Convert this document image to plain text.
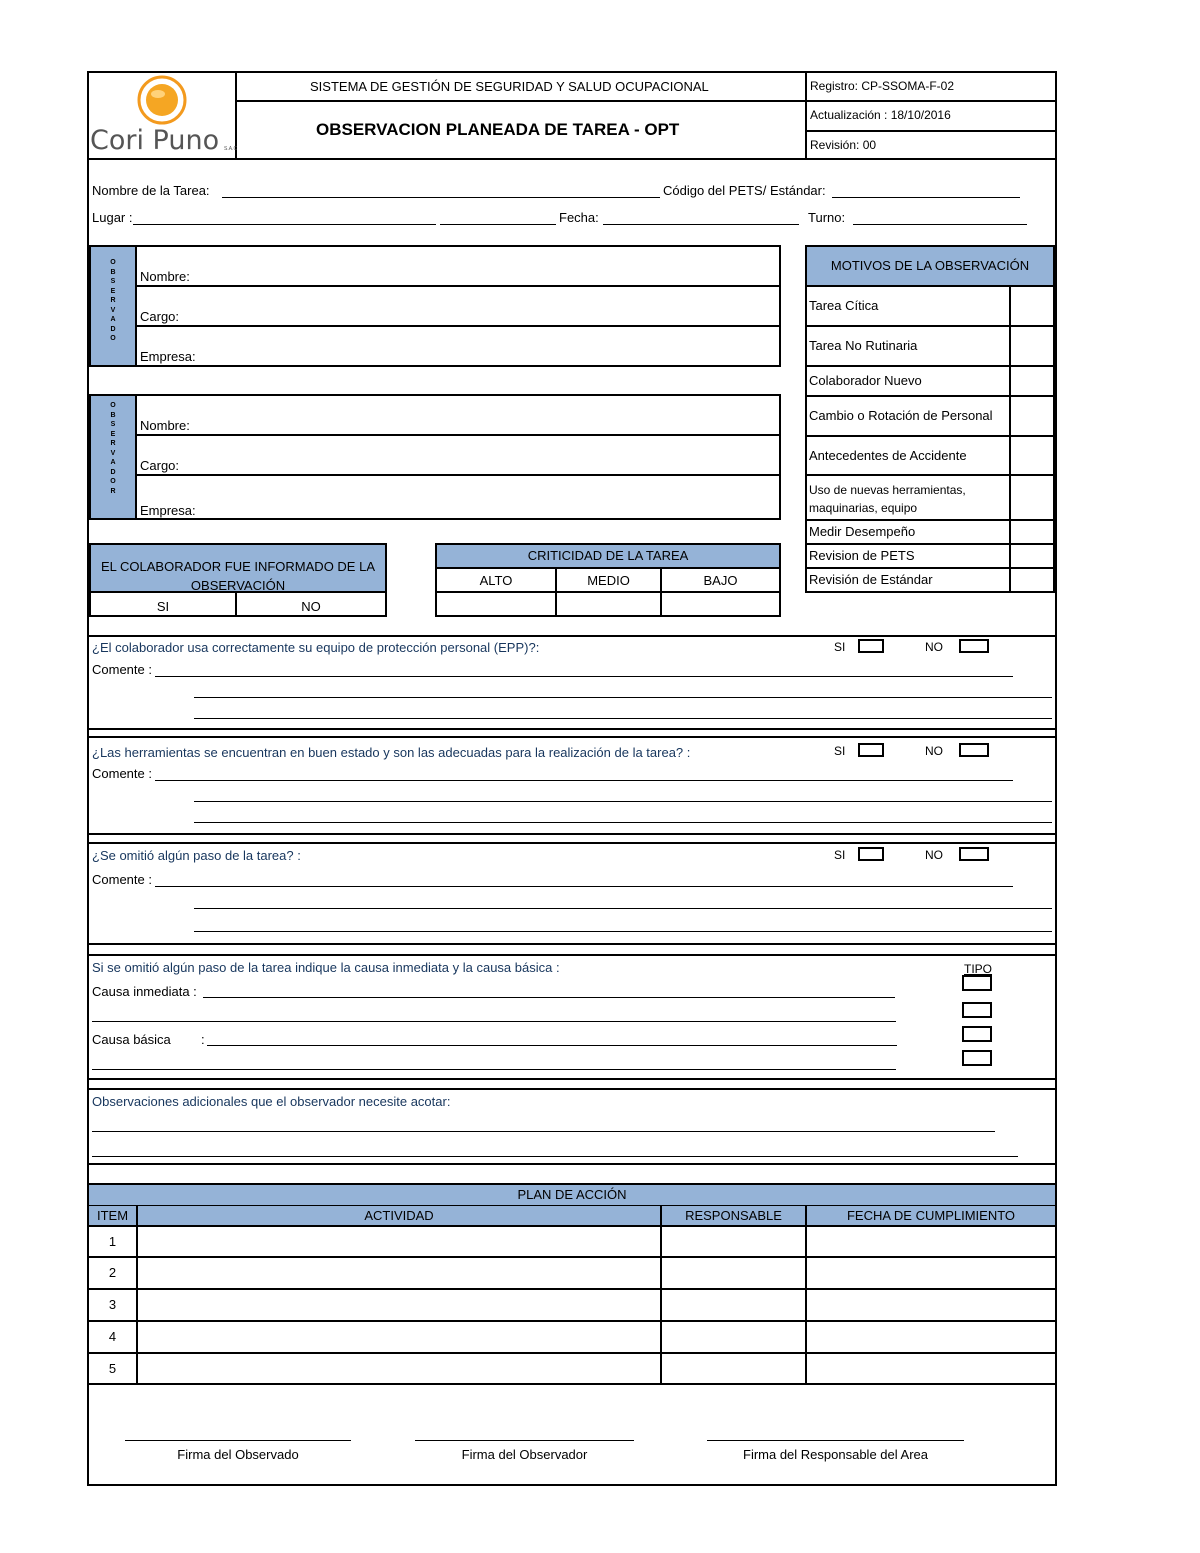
Cori Puno S.A.C
SISTEMA DE GESTIÓN DE SEGURIDAD Y SALUD OCUPACIONAL
OBSERVACION PLANEADA DE TAREA - OPT
Registro: CP-SSOMA-F-02
Actualización : 18/10/2016
Revisión: 00
Nombre de la Tarea:	Código del PETS/ Estándar:
Lugar :	Fecha:	Turno:
O B S E R V A D O
Nombre:
Cargo:
Empresa:
O B S E R V A D O R
Nombre:
Cargo:
Empresa:
MOTIVOS DE LA OBSERVACIÓN
Tarea Cítica
Tarea No Rutinaria
Colaborador Nuevo
Cambio o Rotación de Personal
Antecedentes de Accidente
Uso de nuevas herramientas, maquinarias, equipo
Medir Desempeño
Revision de PETS
Revisión de Estándar
EL COLABORADOR FUE INFORMADO DE LA OBSERVACIÓN
SI	NO
CRITICIDAD DE LA TAREA
ALTO	MEDIO	BAJO
¿El colaborador usa correctamente su equipo de protección personal (EPP)?:	SI	NO
Comente :
¿Las herramientas se encuentran en buen estado y son las adecuadas para la realización de la tarea? :	SI	NO
Comente :
¿Se omitió algún paso de la tarea? :	SI	NO
Comente :
Si se omitió algún paso de la tarea indique la causa inmediata y la causa básica :	TIPO
Causa inmediata :
Causa básica :
Observaciones adicionales que el observador necesite acotar:
PLAN DE ACCIÓN
ITEM	ACTIVIDAD	RESPONSABLE	FECHA DE CUMPLIMIENTO
1
2
3
4
5
Firma del Observado	Firma del Observador	Firma del Responsable del Area
